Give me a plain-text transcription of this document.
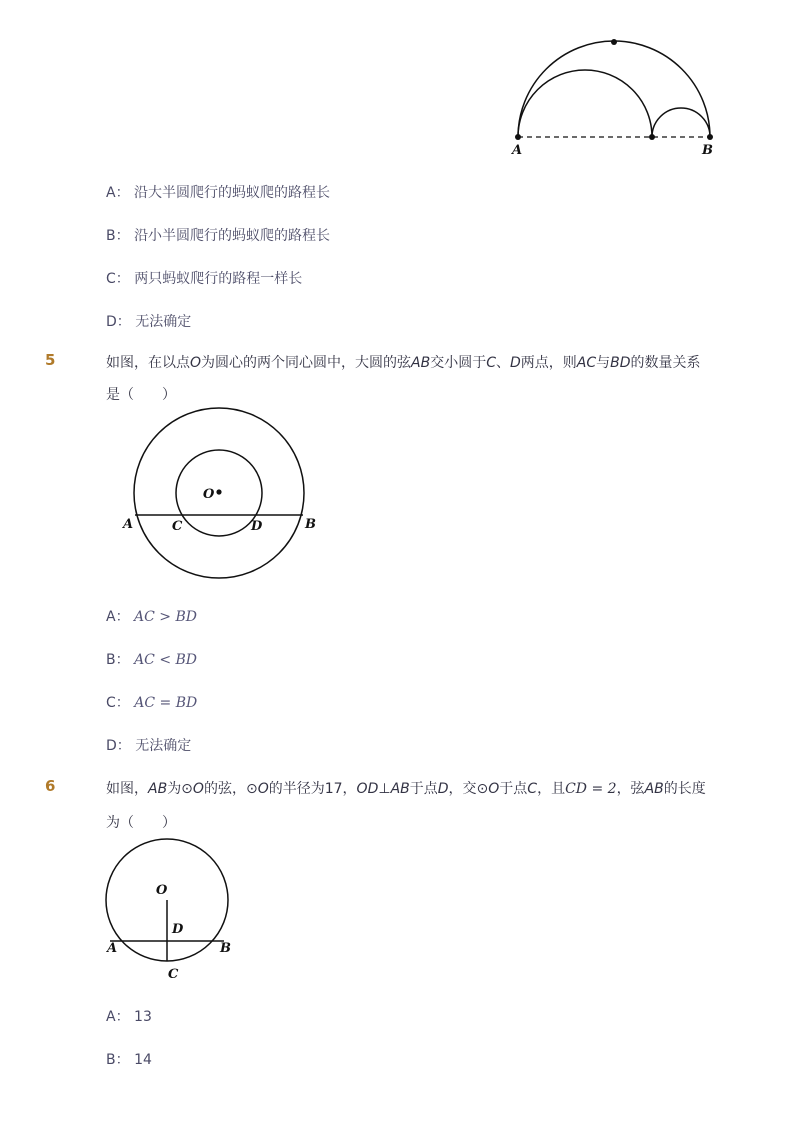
A	B
A： 沿大半圆爬行的蚂蚁爬的路程长
B： 沿小半圆爬行的蚂蚁爬的路程长
C： 两只蚂蚁爬行的路程一样长
D： 无法确定
5	如图，在以点O为圆心的两个同心圆中，大圆的弦AB交小圆于C、D两点，则AC与BD的数量关系
是（　　）
O
A	B
C	D
A： AC > BD
B： AC < BD
C： AC = BD
D： 无法确定
6	如图，AB为⊙O的弦，⊙O的半径为17，OD⊥AB于点D，交⊙O于点C，且CD = 2，弦AB的长度
为（　　）
O
D
A	B
C
A： 13
B： 14
